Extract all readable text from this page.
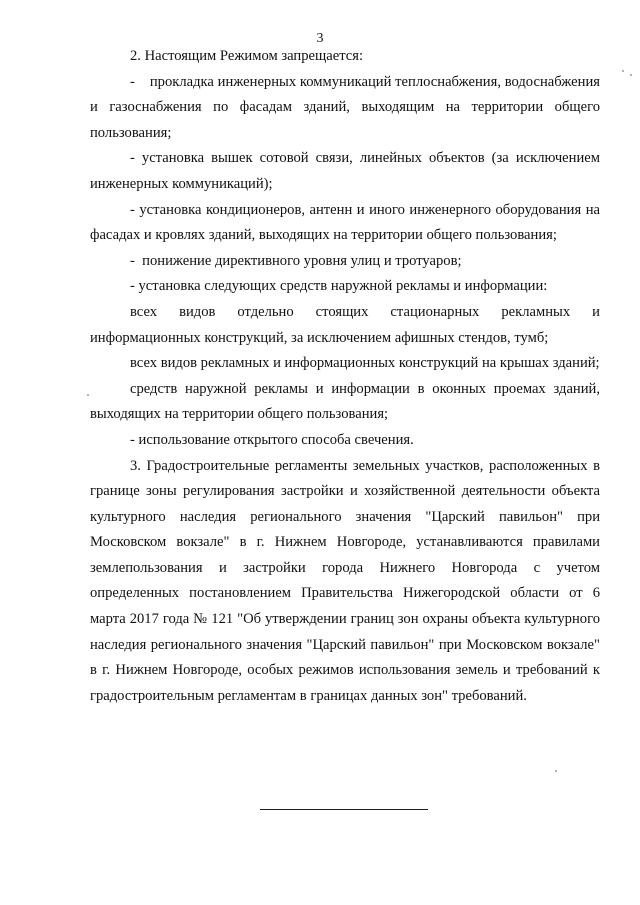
3

2. Настоящим Режимом запрещается:

-    прокладка инженерных коммуникаций теплоснабжения, водоснабжения и газоснабжения по фасадам зданий, выходящим на территории общего пользования;

- установка вышек сотовой связи, линейных объектов (за исключением инженерных коммуникаций);

- установка кондиционеров, антенн и иного инженерного оборудования на фасадах и кровлях зданий, выходящих на территории общего пользования;

-  понижение директивного уровня улиц и тротуаров;

- установка следующих средств наружной рекламы и информации:

всех видов отдельно стоящих стационарных рекламных и информационных конструкций, за исключением афишных стендов, тумб;

всех видов рекламных и информационных конструкций на крышах зданий;

средств наружной рекламы и информации в оконных проемах зданий, выходящих на территории общего пользования;

- использование открытого способа свечения.

3. Градостроительные регламенты земельных участков, расположенных в границе зоны регулирования застройки и хозяйственной деятельности объекта культурного наследия регионального значения "Царский павильон" при Московском вокзале" в г. Нижнем Новгороде, устанавливаются правилами землепользования и застройки города Нижнего Новгорода с учетом определенных постановлением Правительства Нижегородской области от 6 марта 2017 года № 121 "Об утверждении границ зон охраны объекта культурного наследия регионального значения "Царский павильон" при Московском вокзале" в г. Нижнем Новгороде, особых режимов использования земель и требований к градостроительным регламентам в границах данных зон" требований.
